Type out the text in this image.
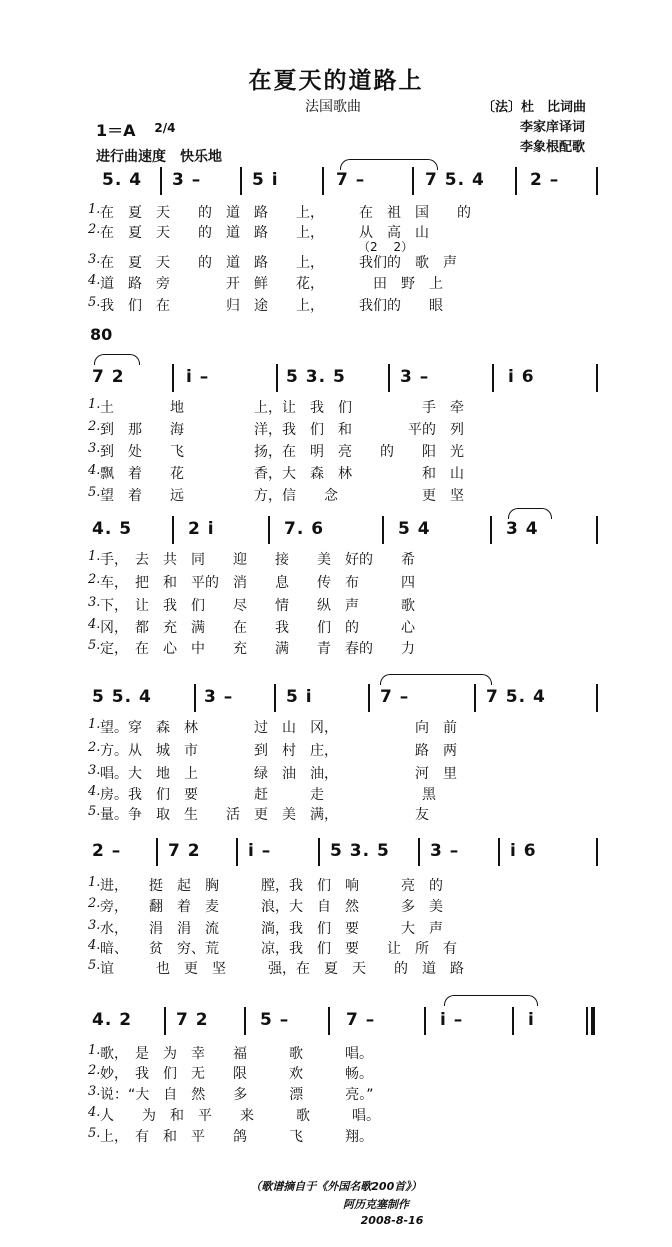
在夏天的道路上
法国歌曲	〔法〕杜　比词曲
李家庠译词
李象根配歌
1＝A	2/4

进行曲速度　快乐地
80
5. 4 3 –	5 i	7 –	7 5. 4	2 –
1. 在　夏　天　　的　道　路　　上，　　　在　祖　国　　的
2. 在　夏　天　　的　道　路　　上，　　　从　高　山
　　　　　　　　　　　　　　　　　　　　　　（2　 2）
3. 在　夏　天　　的　道　路　　上，　　　我们的　歌　声
4. 道　路　旁　　　　开　鲜　　花，　　　　田　野　上
5. 我　们　在　　　　归　途　　上，　　　我们的　　眼
7 2	i –	5 3. 5	3 –	i 6
1. 土　　　　地　　　　　上，让　我　们　　　　　手　牵
2. 到　那　　海　　　　　洋，我　们　和　　　　平的　列
3. 到　处　　飞　　　　　扬，在　明　亮　　的　　阳　光
4. 飘　着　　花　　　　　香，大　森　林　　　　　和　山
5. 望　着　　远　　　　　方，信　　念　　　　　　更　坚
4. 5	2 i	7. 6	5 4	3 4
1. 手，　去　共　同　　迎　　接　　美　好的　　希
2. 车，　把　和　平的　消　　息　　传　布　　　四
3. 下，　让　我　们　　尽　　情　　纵　声　　　歌
4. 冈，　都　充　满　　在　　我　　们　的　　　心
5. 定，　在　心　中　　充　　满　　青　春的　　力
5 5. 4	3 –	5 i	7 –	7 5. 4
1. 望。穿　森　林　　　　过　山　冈，　　　　　　向　前
2. 方。从　城　市　　　　到　村　庄，　　　　　　路　两
3. 唱。大　地　上　　　　绿　油　油，　　　　　　河　里
4. 房。我　们　要　　　　赶　　　走　　　　　　　黑
5. 量。争　取　生　　活　更　美　满，　　　　　　友
2 –	7 2	i –	5 3. 5 3 –	i 6
1. 进，　　挺　起　胸　　　膛，我　们　响　　　亮　的
2. 旁，　　翻　着　麦　　　浪，大　自　然　　　多　美
3. 水，　　涓　涓　流　　　淌，我　们　要　　　大　声
4. 暗、　　贫　穷、荒　　　凉，我　们　要　　让　所　有
5. 谊　　　也　更　坚　　　强，在　夏　天　　的　道　路
4. 2	7 2	5 –	7 –	i –	i
1. 歌，　是　为　幸　　福　　　歌　　　唱。
2. 妙，　我　们　无　　限　　　欢　　　畅。
3. 说：“大　自　然　　多　　　漂　　　亮。”
4. 人　　为　和　平　　来　　　歌　　　唱。
5. 上，　有　和　平　　鸽　　　飞　　　翔。
（歌谱摘自于《外国名歌200首》）
阿历克塞制作
2008-8-16
